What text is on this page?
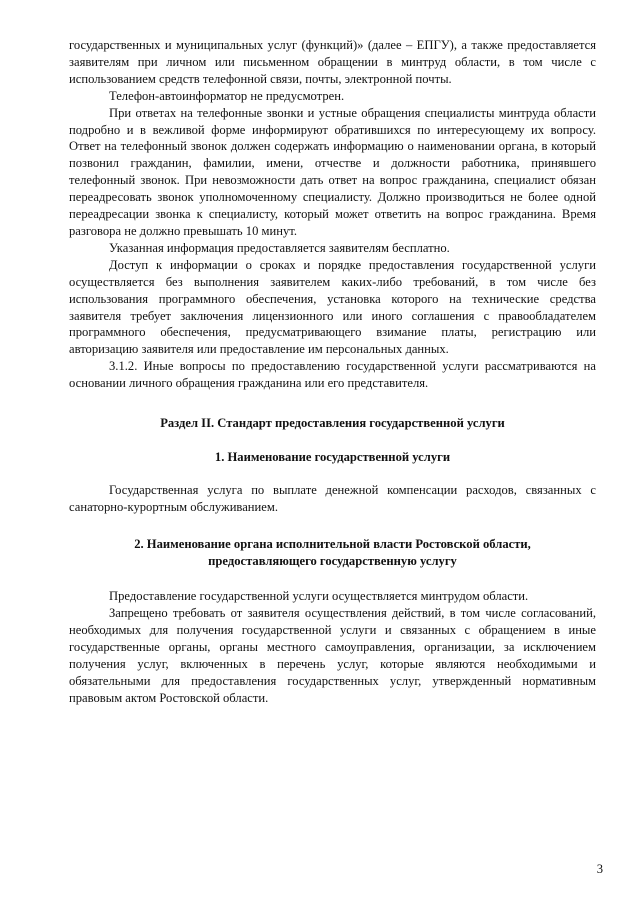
государственных и муниципальных услуг (функций)» (далее – ЕПГУ), а также предоставляется заявителям при личном или письменном обращении в минтруд области, в том числе с использованием средств телефонной связи, почты, электронной почты.

Телефон-автоинформатор не предусмотрен.

При ответах на телефонные звонки и устные обращения специалисты минтруда области подробно и в вежливой форме информируют обратившихся по интересующему их вопросу. Ответ на телефонный звонок должен содержать информацию о наименовании органа, в который позвонил гражданин, фамилии, имени, отчестве и должности работника, принявшего телефонный звонок. При невозможности дать ответ на вопрос гражданина, специалист обязан переадресовать звонок уполномоченному специалисту. Должно производиться не более одной переадресации звонка к специалисту, который может ответить на вопрос гражданина. Время разговора не должно превышать 10 минут.

Указанная информация предоставляется заявителям бесплатно.

Доступ к информации о сроках и порядке предоставления государственной услуги осуществляется без выполнения заявителем каких-либо требований, в том числе без использования программного обеспечения, установка которого на технические средства заявителя требует заключения лицензионного или иного соглашения с правообладателем программного обеспечения, предусматривающего взимание платы, регистрацию или авторизацию заявителя или предоставление им персональных данных.

3.1.2. Иные вопросы по предоставлению государственной услуги рассматриваются на основании личного обращения гражданина или его представителя.

Раздел II. Стандарт предоставления государственной услуги
1. Наименование государственной услуги

Государственная услуга по выплате денежной компенсации расходов, связанных с санаторно-курортным обслуживанием.

2. Наименование органа исполнительной власти Ростовской области,
предоставляющего государственную услугу

Предоставление государственной услуги осуществляется минтрудом области.

Запрещено требовать от заявителя осуществления действий, в том числе согласований, необходимых для получения государственной услуги и связанных с обращением в иные государственные органы, органы местного самоуправления, организации, за исключением получения услуг, включенных в перечень услуг, которые являются необходимыми и обязательными для предоставления государственных услуг, утвержденный нормативным правовым актом Ростовской области.

3
